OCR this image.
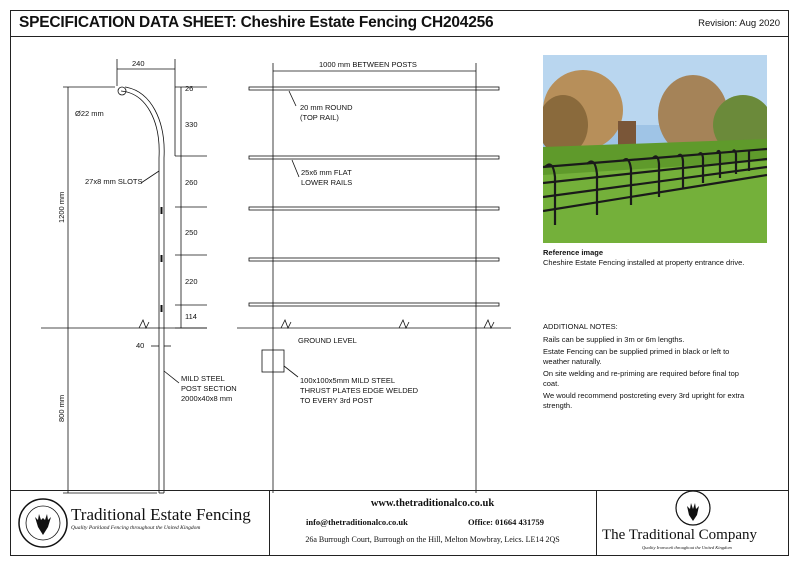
SPECIFICATION DATA SHEET: Cheshire Estate Fencing CH204256	Revision: Aug 2020
240
Ø22 mm
1200 mm
800 mm
40
26
330
260
250
220
114
27x8 mm SLOTS
MILD STEEL
POST SECTION
2000x40x8 mm
1000 mm BETWEEN POSTS
20 mm ROUND
(TOP RAIL)
25x6 mm FLAT
LOWER RAILS
GROUND LEVEL
100x100x5mm MILD STEEL
THRUST PLATES EDGE WELDED
TO EVERY 3rd POST
Reference image
Cheshire Estate Fencing installed at property entrance drive.

ADDITIONAL NOTES:

Rails can be supplied in 3m or 6m lengths.

Estate Fencing can be supplied primed in black or left to weather naturally.

On site welding and re-priming are required before final top coat.

We would recommend postcreting every 3rd upright for extra strength.

Traditional Estate Fencing
Quality Parkland Fencing throughout the United Kingdom
www.thetraditionalco.co.uk
info@thetraditionalco.co.uk	Office: 01664 431759
26a Burrough Court, Burrough on the Hill, Melton Mowbray, Leics. LE14 2QS	The Traditional Company
Quality Ironwork throughout the United Kingdom
